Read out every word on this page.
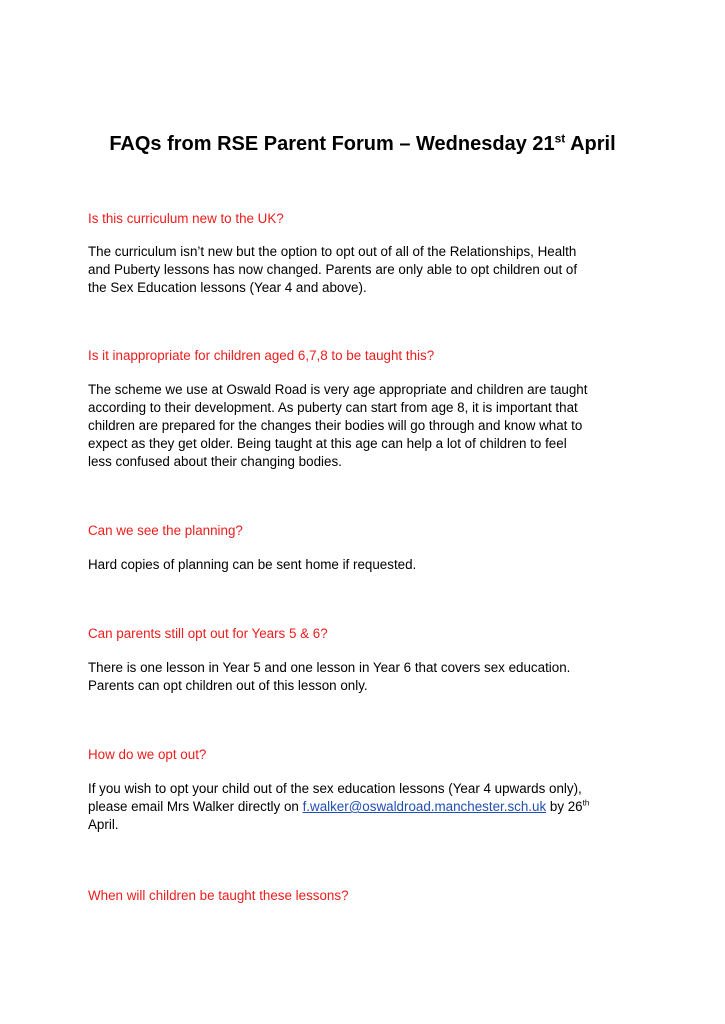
FAQs from RSE Parent Forum – Wednesday 21st April
Is this curriculum new to the UK?
The curriculum isn’t new but the option to opt out of all of the Relationships, Health
and Puberty lessons has now changed. Parents are only able to opt children out of
the Sex Education lessons (Year 4 and above).
Is it inappropriate for children aged 6,7,8 to be taught this?
The scheme we use at Oswald Road is very age appropriate and children are taught
according to their development. As puberty can start from age 8, it is important that
children are prepared for the changes their bodies will go through and know what to
expect as they get older. Being taught at this age can help a lot of children to feel
less confused about their changing bodies.
Can we see the planning?
Hard copies of planning can be sent home if requested.
Can parents still opt out for Years 5 & 6?
There is one lesson in Year 5 and one lesson in Year 6 that covers sex education.
Parents can opt children out of this lesson only.
How do we opt out?
If you wish to opt your child out of the sex education lessons (Year 4 upwards only),
please email Mrs Walker directly on f.walker@oswaldroad.manchester.sch.uk by 26th
April.
When will children be taught these lessons?
